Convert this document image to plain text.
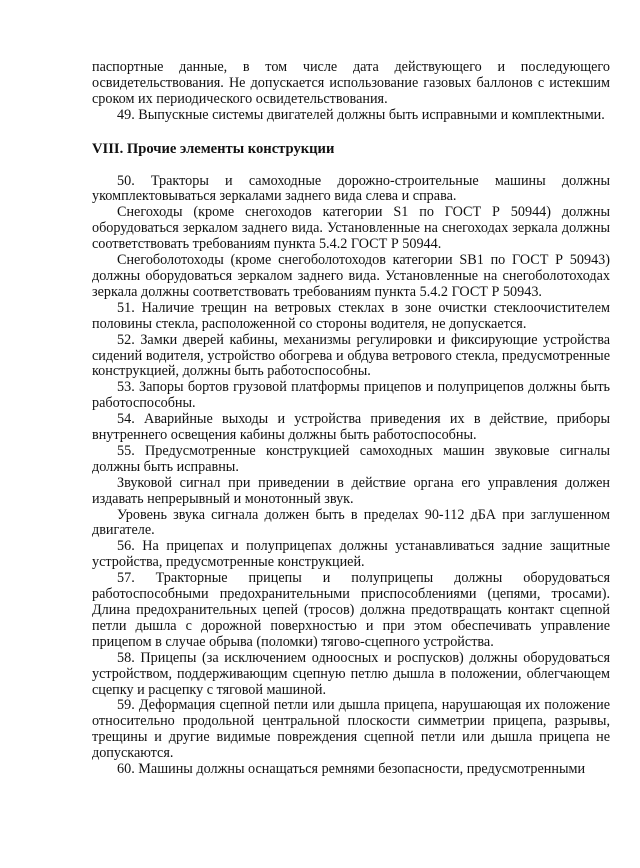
паспортные данные, в том числе дата действующего и последующего освидетельствования. Не допускается использование газовых баллонов с истекшим сроком их периодического освидетельствования.

49. Выпускные системы двигателей должны быть исправными и комплектными.

VIII. Прочие элементы конструкции

50. Тракторы и самоходные дорожно-строительные машины должны укомплектовываться зеркалами заднего вида слева и справа.

Снегоходы (кроме снегоходов категории S1 по ГОСТ Р 50944) должны оборудоваться зеркалом заднего вида. Установленные на снегоходах зеркала должны соответствовать требованиям пункта 5.4.2 ГОСТ Р 50944.

Снегоболотоходы (кроме снегоболотоходов категории SB1 по ГОСТ Р 50943) должны оборудоваться зеркалом заднего вида. Установленные на снегоболотоходах зеркала должны соответствовать требованиям пункта 5.4.2 ГОСТ Р 50943.

51. Наличие трещин на ветровых стеклах в зоне очистки стеклоочистителем половины стекла, расположенной со стороны водителя, не допускается.

52. Замки дверей кабины, механизмы регулировки и фиксирующие устройства сидений водителя, устройство обогрева и обдува ветрового стекла, предусмотренные конструкцией, должны быть работоспособны.

53. Запоры бортов грузовой платформы прицепов и полуприцепов должны быть работоспособны.

54. Аварийные выходы и устройства приведения их в действие, приборы внутреннего освещения кабины должны быть работоспособны.

55. Предусмотренные конструкцией самоходных машин звуковые сигналы должны быть исправны.

Звуковой сигнал при приведении в действие органа его управления должен издавать непрерывный и монотонный звук.

Уровень звука сигнала должен быть в пределах 90-112 дБА при заглушенном двигателе.

56. На прицепах и полуприцепах должны устанавливаться задние защитные устройства, предусмотренные конструкцией.

57. Тракторные прицепы и полуприцепы должны оборудоваться работоспособными предохранительными приспособлениями (цепями, тросами). Длина предохранительных цепей (тросов) должна предотвращать контакт сцепной петли дышла с дорожной поверхностью и при этом обеспечивать управление прицепом в случае обрыва (поломки) тягово-сцепного устройства.

58. Прицепы (за исключением одноосных и роспусков) должны оборудоваться устройством, поддерживающим сцепную петлю дышла в положении, облегчающем сцепку и расцепку с тяговой машиной.

59. Деформация сцепной петли или дышла прицепа, нарушающая их положение относительно продольной центральной плоскости симметрии прицепа, разрывы, трещины и другие видимые повреждения сцепной петли или дышла прицепа не допускаются.

60. Машины должны оснащаться ремнями безопасности, предусмотренными
